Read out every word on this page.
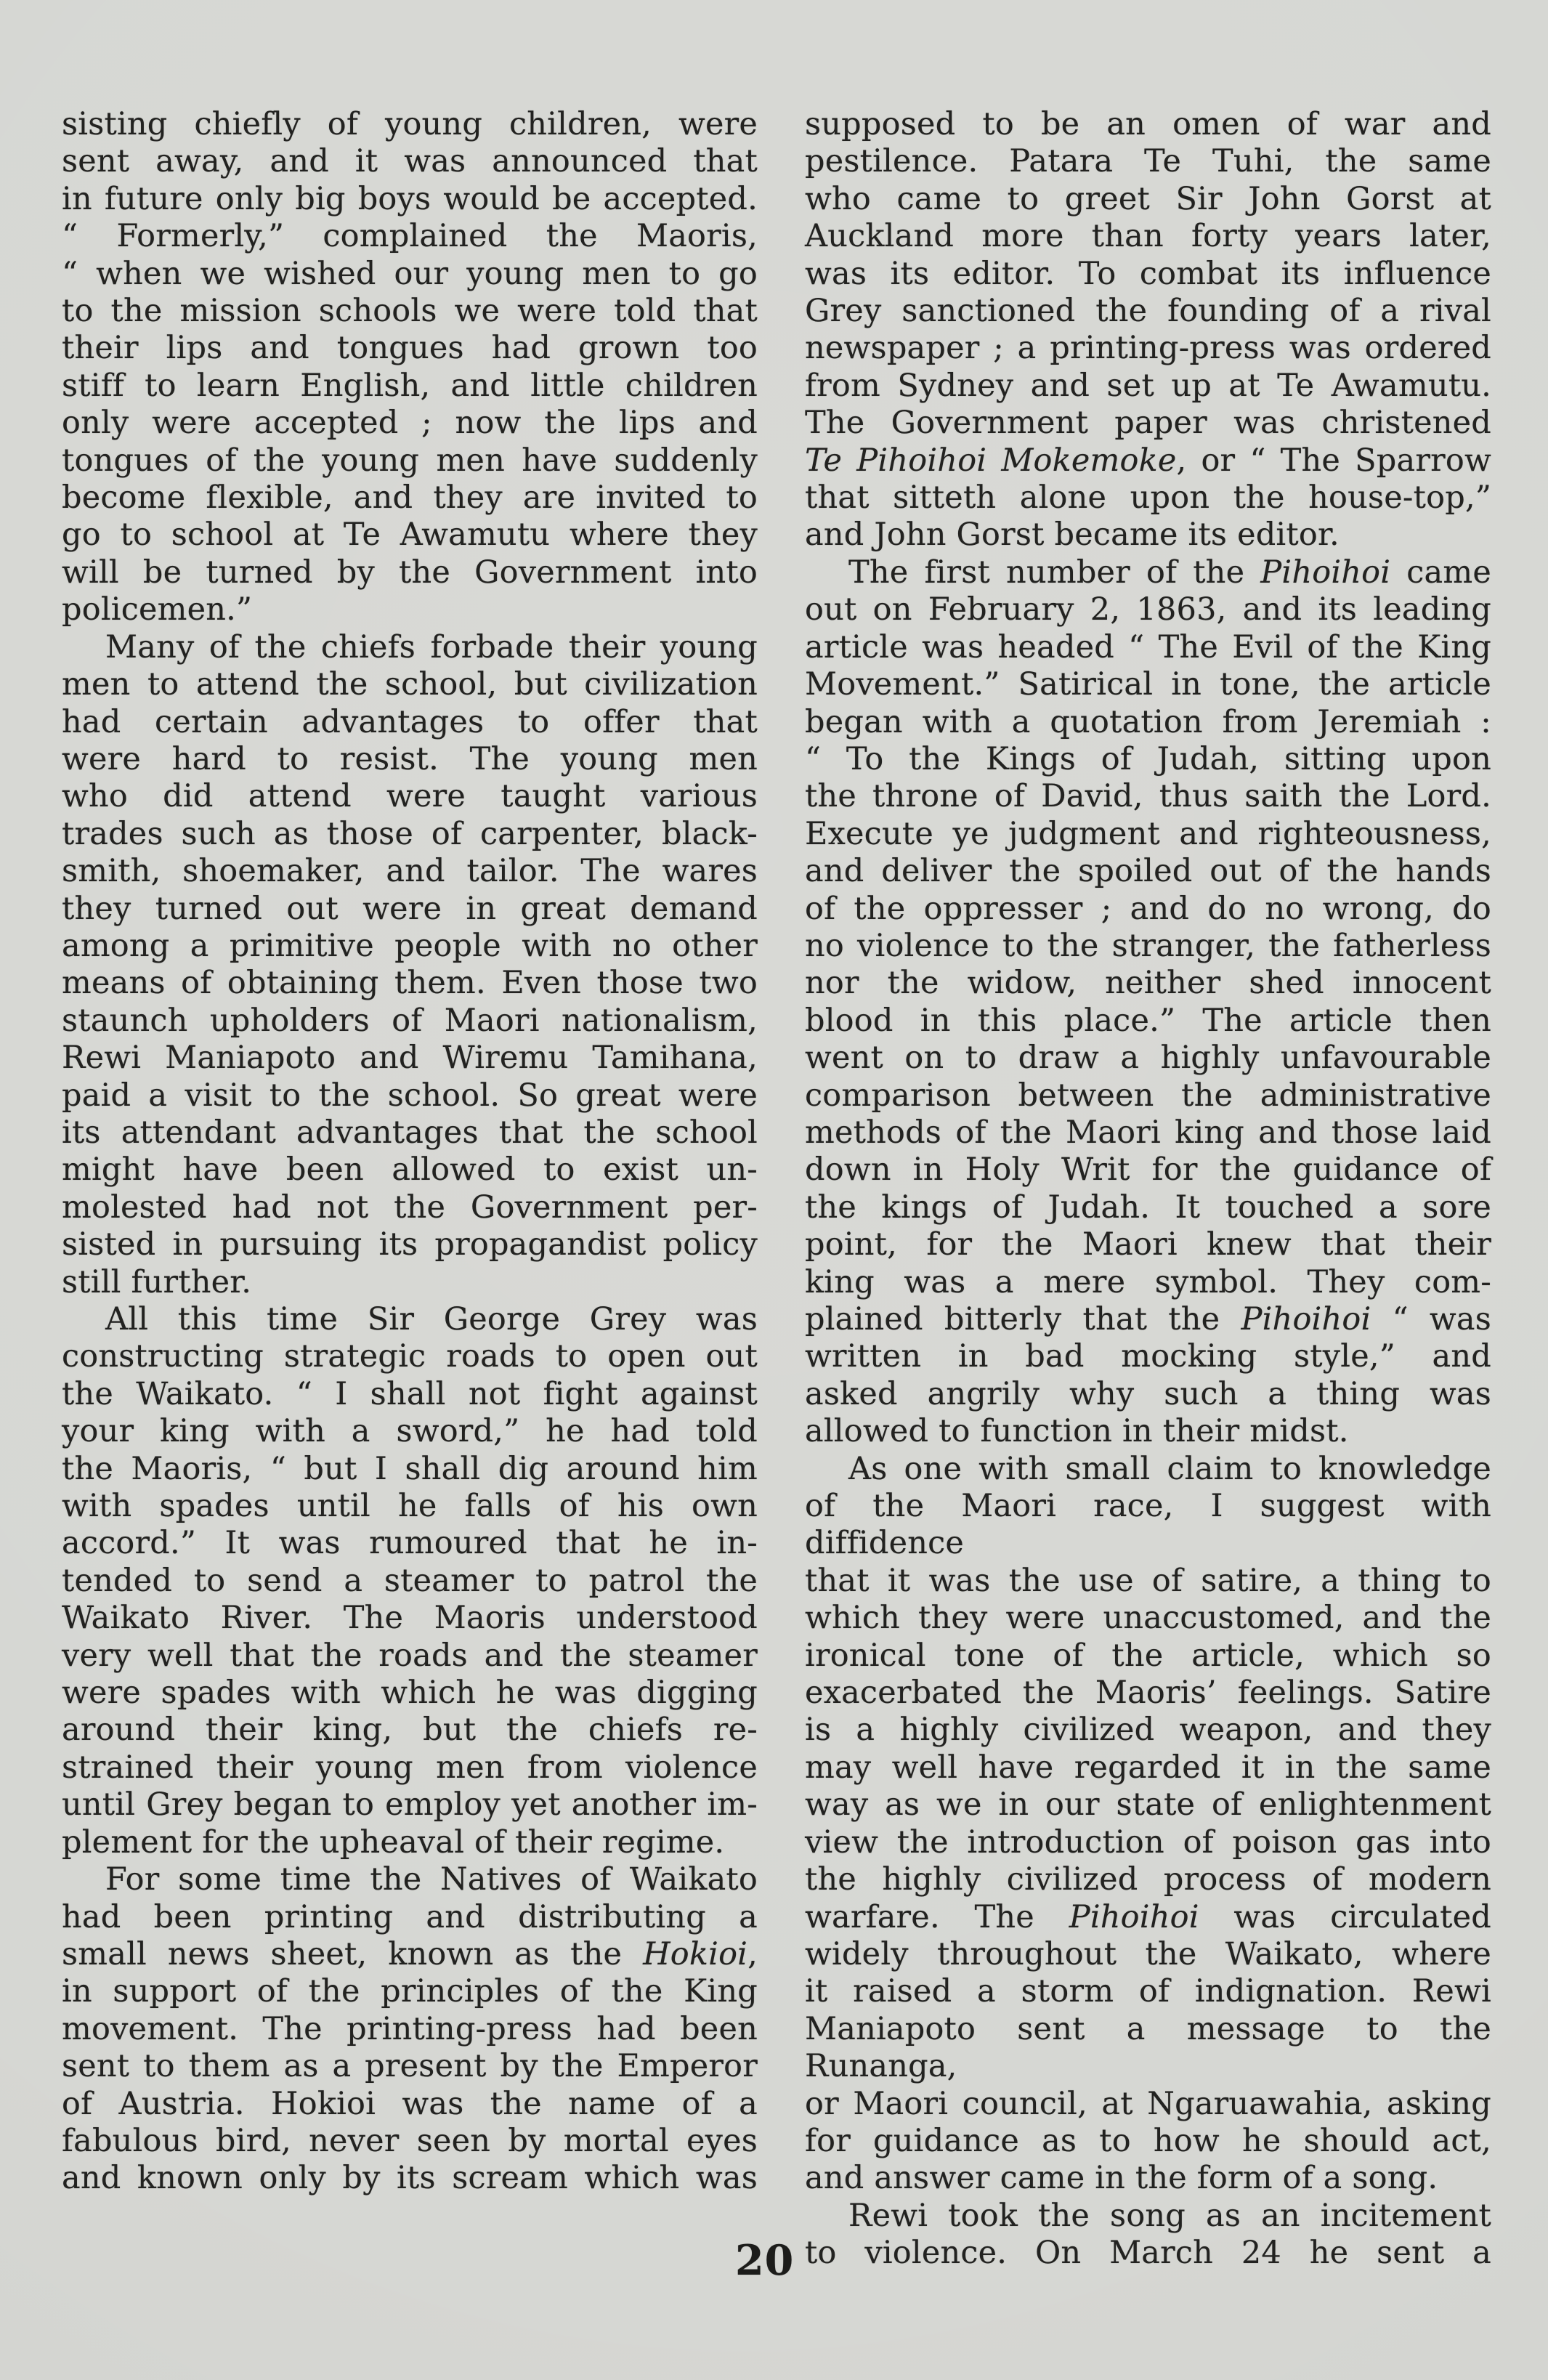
sisting chiefly of young children, were
sent away, and it was announced that
in future only big boys would be accepted.
“ Formerly,” complained the Maoris,
“ when we wished our young men to go
to the mission schools we were told that
their lips and tongues had grown too
stiff to learn English, and little children
only were accepted ; now the lips and
tongues of the young men have suddenly
become flexible, and they are invited to
go to school at Te Awamutu where they
will be turned by the Government into
policemen.”
Many of the chiefs forbade their young
men to attend the school, but civilization
had certain advantages to offer that
were hard to resist. The young men
who did attend were taught various
trades such as those of carpenter, black-
smith, shoemaker, and tailor. The wares
they turned out were in great demand
among a primitive people with no other
means of obtaining them. Even those two
staunch upholders of Maori nationalism,
Rewi Maniapoto and Wiremu Tamihana,
paid a visit to the school. So great were
its attendant advantages that the school
might have been allowed to exist un-
molested had not the Government per-
sisted in pursuing its propagandist policy
still further.
All this time Sir George Grey was
constructing strategic roads to open out
the Waikato. “ I shall not fight against
your king with a sword,” he had told
the Maoris, “ but I shall dig around him
with spades until he falls of his own
accord.” It was rumoured that he in-
tended to send a steamer to patrol the
Waikato River. The Maoris understood
very well that the roads and the steamer
were spades with which he was digging
around their king, but the chiefs re-
strained their young men from violence
until Grey began to employ yet another im-
plement for the upheaval of their regime.
For some time the Natives of Waikato
had been printing and distributing a
small news sheet, known as the Hokioi,
in support of the principles of the King
movement. The printing-press had been
sent to them as a present by the Emperor
of Austria. Hokioi was the name of a
fabulous bird, never seen by mortal eyes
and known only by its scream which was
supposed to be an omen of war and
pestilence. Patara Te Tuhi, the same
who came to greet Sir John Gorst at
Auckland more than forty years later,
was its editor. To combat its influence
Grey sanctioned the founding of a rival
newspaper ; a printing-press was ordered
from Sydney and set up at Te Awamutu.
The Government paper was christened
Te Pihoihoi Mokemoke, or “ The Sparrow
that sitteth alone upon the house-top,”
and John Gorst became its editor.
The first number of the Pihoihoi came
out on February 2, 1863, and its leading
article was headed “ The Evil of the King
Movement.” Satirical in tone, the article
began with a quotation from Jeremiah :
“ To the Kings of Judah, sitting upon
the throne of David, thus saith the Lord.
Execute ye judgment and righteousness,
and deliver the spoiled out of the hands
of the oppresser ; and do no wrong, do
no violence to the stranger, the fatherless
nor the widow, neither shed innocent
blood in this place.” The article then
went on to draw a highly unfavourable
comparison between the administrative
methods of the Maori king and those laid
down in Holy Writ for the guidance of
the kings of Judah. It touched a sore
point, for the Maori knew that their
king was a mere symbol. They com-
plained bitterly that the Pihoihoi “ was
written in bad mocking style,” and
asked angrily why such a thing was
allowed to function in their midst.
As one with small claim to knowledge
of the Maori race, I suggest with diffidence
that it was the use of satire, a thing to
which they were unaccustomed, and the
ironical tone of the article, which so
exacerbated the Maoris’ feelings. Satire
is a highly civilized weapon, and they
may well have regarded it in the same
way as we in our state of enlightenment
view the introduction of poison gas into
the highly civilized process of modern
warfare. The Pihoihoi was circulated
widely throughout the Waikato, where
it raised a storm of indignation. Rewi
Maniapoto sent a message to the Runanga,
or Maori council, at Ngaruawahia, asking
for guidance as to how he should act,
and answer came in the form of a song.
Rewi took the song as an incitement
to violence. On March 24 he sent a
20
